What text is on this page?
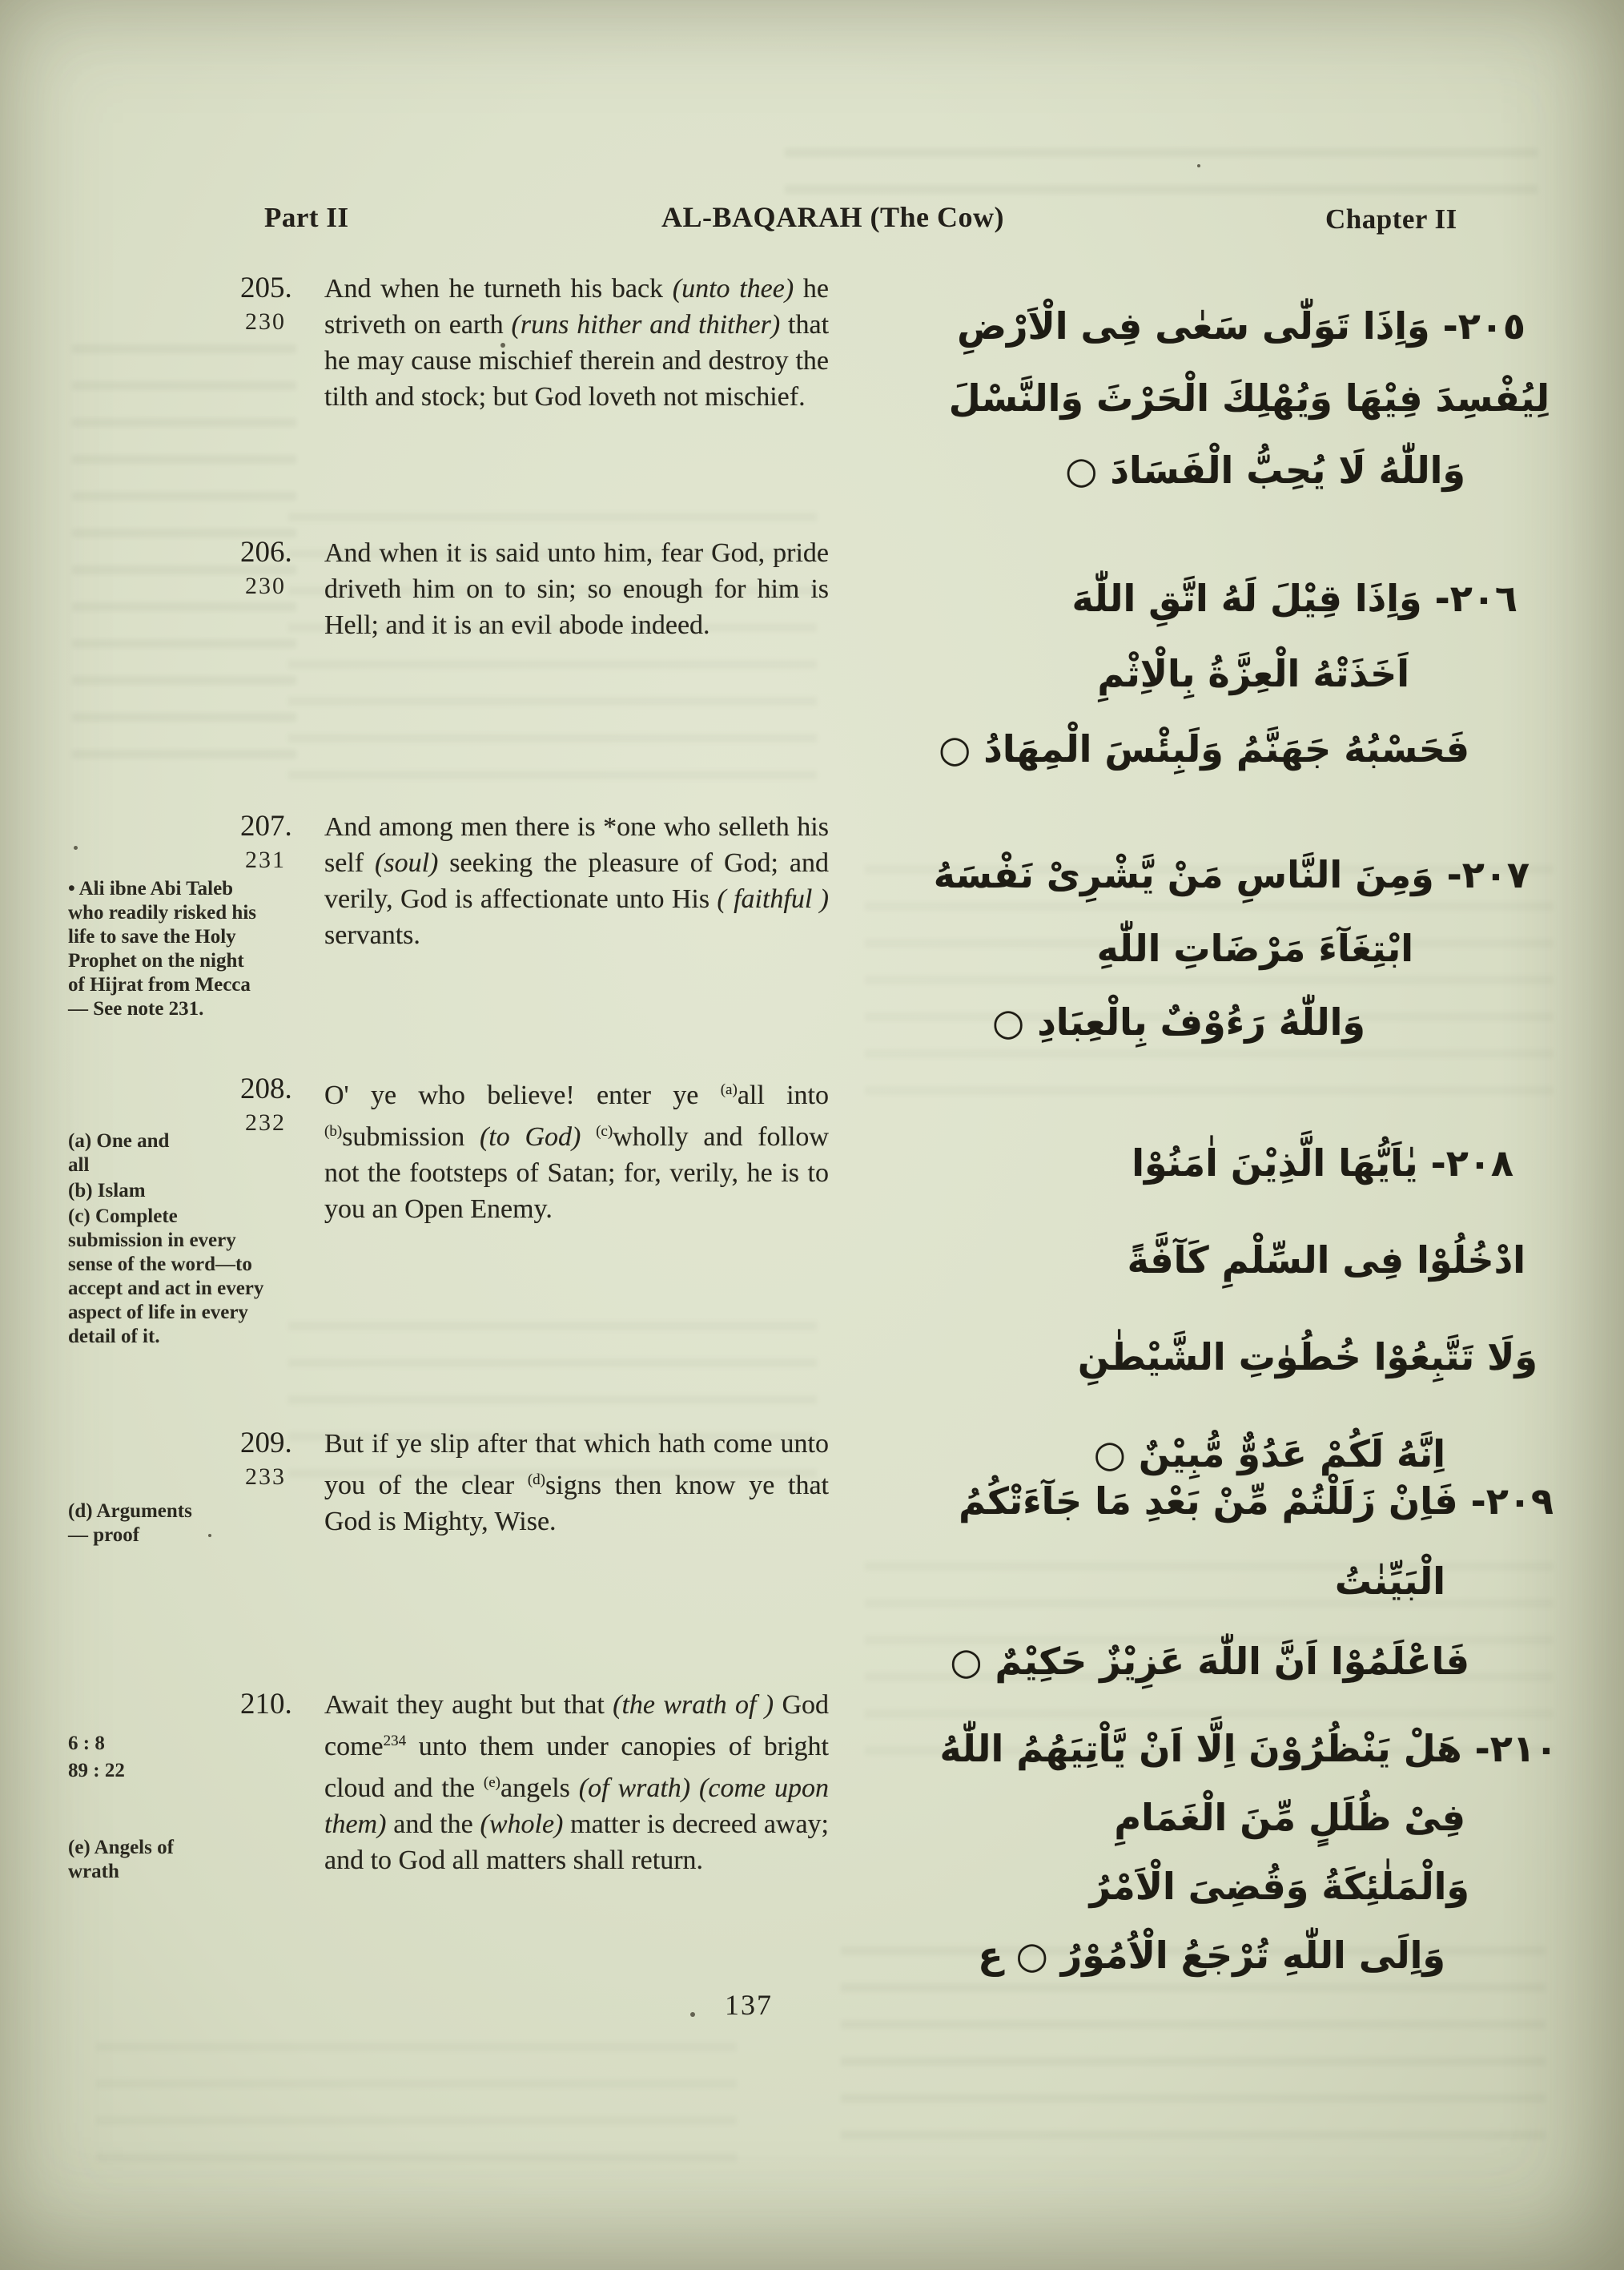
Part II	AL-BAQARAH (The Cow)	Chapter II
205.
230

And when he turneth his back (unto thee) he striveth on earth (runs hither and thither) that he may cause mischief therein and destroy the tilth and stock; but God loveth not mischief.

٢٠٥- وَاِذَا تَوَلّٰى سَعٰى فِى الْاَرْضِ
لِيُفْسِدَ فِيْهَا وَيُهْلِكَ الْحَرْثَ وَالنَّسْلَ
وَاللّٰهُ لَا يُحِبُّ الْفَسَادَ ○
206.
230

And when it is said unto him, fear God, pride driveth him on to sin; so enough for him is Hell; and it is an evil abode indeed.

٢٠٦- وَاِذَا قِيْلَ لَهُ اتَّقِ اللّٰهَ
اَخَذَتْهُ الْعِزَّةُ بِالْاِثْمِ
فَحَسْبُهُ جَهَنَّمُ وَلَبِئْسَ الْمِهَادُ ○
207.
231

And among men there is *one who selleth his self (soul) seeking the pleasure of God; and verily, God is affectionate unto His ( faithful ) servants.

٢٠٧- وَمِنَ النَّاسِ مَنْ يَّشْرِىْ نَفْسَهُ
ابْتِغَآءَ مَرْضَاتِ اللّٰهِ
وَاللّٰهُ رَءُوْفٌ بِالْعِبَادِ ○
• Ali ibne Abi Taleb who readily risked his life to save the Holy Prophet on the night of Hijrat from Mecca — See note 231.
208.
232

O' ye who believe! enter ye $^{(a)}$all into $^{(b)}$submission (to God) $^{(c)}$wholly and follow not the footsteps of Satan; for, verily, he is to you an Open Enemy.

٢٠٨- يٰاَيُّهَا الَّذِيْنَ اٰمَنُوْا
ادْخُلُوْا فِى السِّلْمِ كَآفَّةً
وَلَا تَتَّبِعُوْا خُطُوٰتِ الشَّيْطٰنِ
اِنَّهُ لَكُمْ عَدُوٌّ مُّبِيْنٌ ○
(a) One and all
(b) Islam
(c) Complete submission in every sense of the word—to accept and act in every aspect of life in every detail of it.
209.
233

But if ye slip after that which hath come unto you of the clear $^{(d)}$signs then know ye that God is Mighty, Wise.	٢٠٩- فَاِنْ زَلَلْتُمْ مِّنْ بَعْدِ مَا جَآءَتْكُمُ
الْبَيِّنٰتُ
فَاعْلَمُوْا اَنَّ اللّٰهَ عَزِيْزٌ حَكِيْمٌ ○
(d) Arguments— proof
210.	Await they aught but that (the wrath of ) God come$^{234}$ unto them under canopies of bright cloud and the $^{(e)}$angels (of wrath) (come upon them) and the (whole) matter is decreed away; and to God all matters shall return.

٢١٠- هَلْ يَنْظُرُوْنَ اِلَّا اَنْ يَّاْتِيَهُمُ اللّٰهُ
فِىْ ظُلَلٍ مِّنَ الْغَمَامِ
وَالْمَلٰئِكَةُ وَقُضِىَ الْاَمْرُ
وَاِلَى اللّٰهِ تُرْجَعُ الْاُمُوْرُ ○ ع
6 : 8
89 : 22
(e) Angels of wrath
137
